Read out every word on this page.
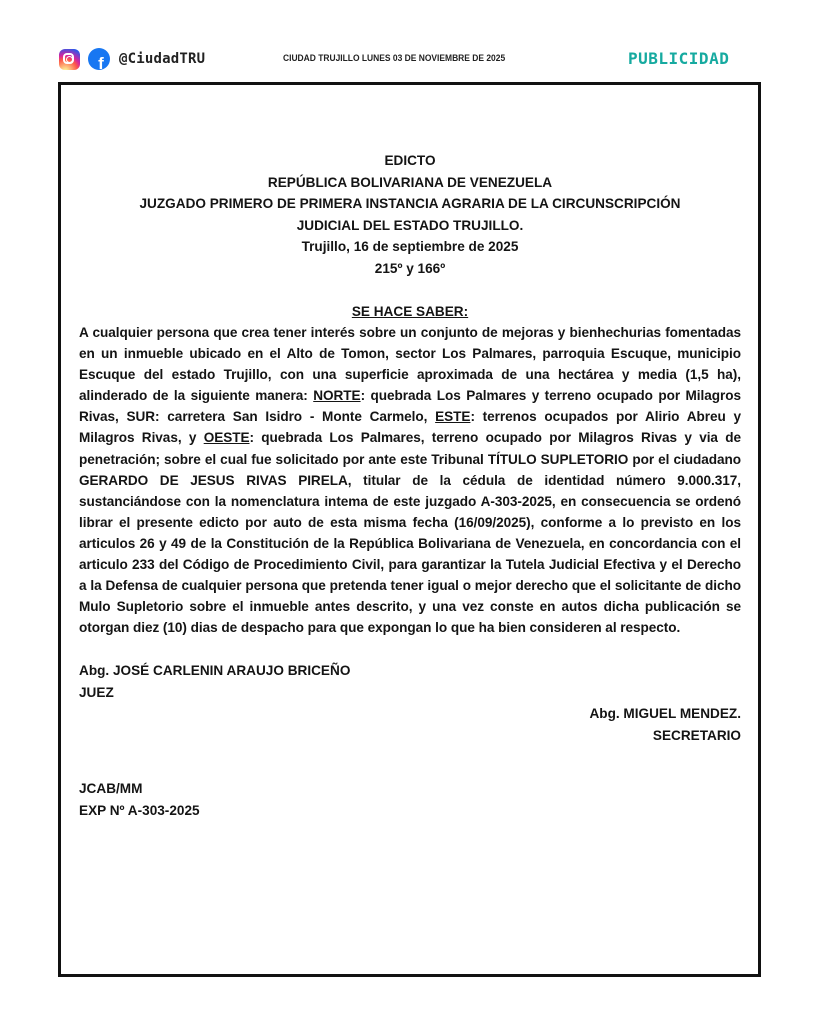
f @CiudadTRU	CIUDAD TRUJILLO LUNES 03 DE NOVIEMBRE DE 2025	PUBLICIDAD
EDICTO
REPÚBLICA BOLIVARIANA DE VENEZUELA
JUZGADO PRIMERO DE PRIMERA INSTANCIA AGRARIA DE LA CIRCUNSCRIPCIÓN
JUDICIAL DEL ESTADO TRUJILLO.
Trujillo, 16 de septiembre de 2025
215º y 166º
SE HACE SABER:

A cualquier persona que crea tener interés sobre un conjunto de mejoras y bienhechurias fomentadas en un inmueble ubicado en el Alto de Tomon, sector Los Palmares, parroquia Escuque, municipio Escuque del estado Trujillo, con una superficie aproximada de una hectárea y media (1,5 ha), alinderado de la siguiente manera: NORTE: quebrada Los Palmares y terreno ocupado por Milagros Rivas, SUR: carretera San Isidro - Monte Carmelo, ESTE: terrenos ocupados por Alirio Abreu y Milagros Rivas, y OESTE: quebrada Los Palmares, terreno ocupado por Milagros Rivas y via de penetración; sobre el cual fue solicitado por ante este Tribunal TÍTULO SUPLETORIO por el ciudadano GERARDO DE JESUS RIVAS PIRELA, titular de la cédula de identidad número 9.000.317, sustanciándose con la nomenclatura intema de este juzgado A-303-2025, en consecuencia se ordenó librar el presente edicto por auto de esta misma fecha (16/09/2025), conforme a lo previsto en los articulos 26 y 49 de la Constitución de la República Bolivariana de Venezuela, en concordancia con el articulo 233 del Código de Procedimiento Civil, para garantizar la Tutela Judicial Efectiva y el Derecho a la Defensa de cualquier persona que pretenda tener igual o mejor derecho que el solicitante de dicho Mulo Supletorio sobre el inmueble antes descrito, y una vez conste en autos dicha publicación se otorgan diez (10) dias de despacho para que expongan lo que ha bien consideren al respecto.

Abg. JOSÉ CARLENIN ARAUJO BRICEÑO
JUEZ
Abg. MIGUEL MENDEZ.
SECRETARIO
JCAB/MM
EXP Nº A-303-2025
